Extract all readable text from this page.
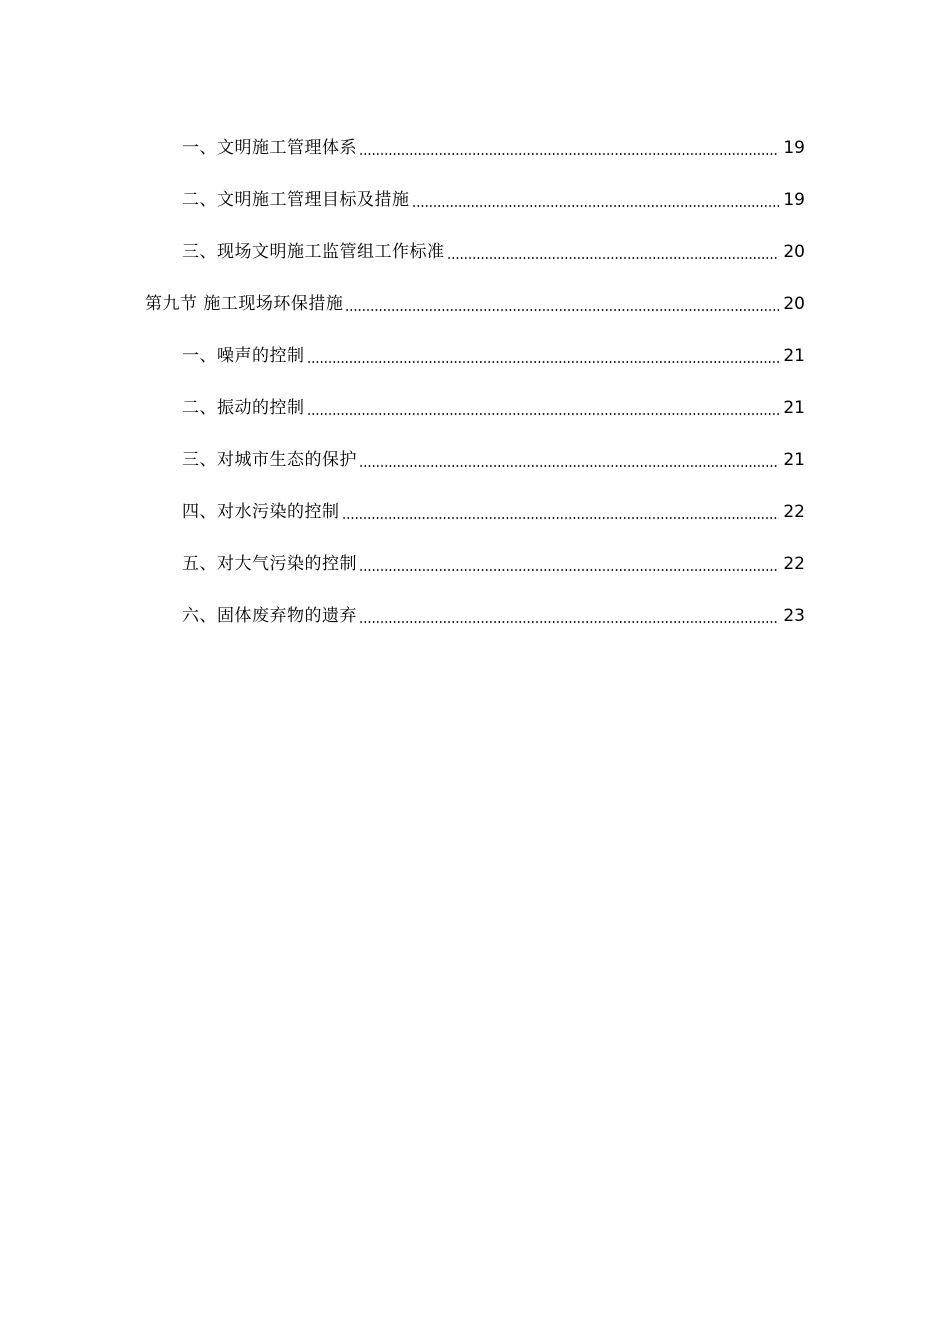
一、文明施工管理体系	19
二、文明施工管理目标及措施	19
三、现场文明施工监管组工作标准	20
第九节 施工现场环保措施	20
一、噪声的控制	21
二、振动的控制	21
三、对城市生态的保护	21
四、对水污染的控制	22
五、对大气污染的控制	22
六、固体废弃物的遗弃	23
